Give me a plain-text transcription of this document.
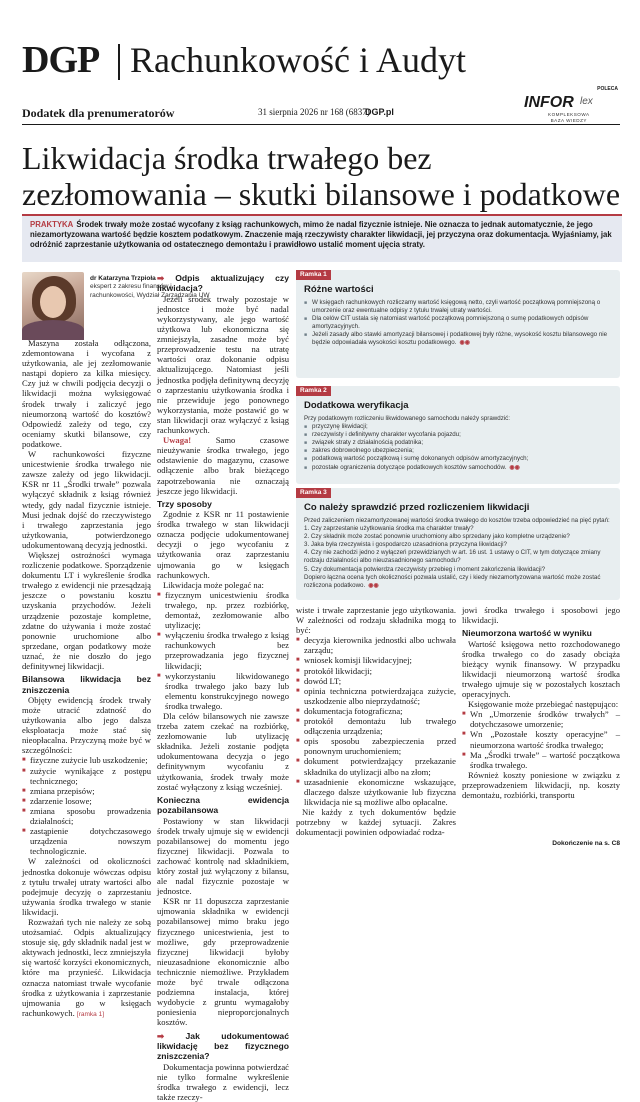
DGP Rachunkowość i Audyt
POLECA
INFOR lex
KOMPLEKSOWA
BAZA WIEDZY
Dodatek dla prenumeratorów	31 sierpnia 2026 nr 168 (6837)
DGP.pl
Likwidacja środka trwałego bez zezłomowania – skutki bilansowe i podatkowe
PRAKTYKA Środek trwały może zostać wycofany z ksiąg rachunkowych, mimo że nadal fizycznie istnieje. Nie oznacza to jednak automatycznie, że jego niezamortyzowana wartość będzie kosztem podatkowym. Znaczenie mają rzeczywisty charakter likwidacji, jej przyczyna oraz dokumentacja. Wyjaśniamy, jak odróżnić zaprzestanie użytkowania od ostatecznego demontażu i prawidłowo ustalić moment ujęcia straty.
dr Katarzyna Trzpioła
ekspert z zakresu finansów i rachunkowości, Wydział Zarządzania UW

Maszyna została odłączona, zdemontowana i wycofana z użytkowania, ale jej zezłomowanie nastąpi dopiero za kilka miesięcy. Czy już w chwili podjęcia decyzji o likwidacji można wyksięgować środek trwały i zaliczyć jego nieumorzoną wartość do kosztów? Odpowiedź zależy od tego, czy oceniamy skutki bilansowe, czy podatkowe.

W rachunkowości fizyczne unicestwienie środka trwałego nie zawsze zależy od jego likwidacji. KSR nr 11 „Środki trwałe” pozwala wyłączyć składnik z ksiąg również wtedy, gdy nadal fizycznie istnieje. Musi jednak dojść do rzeczywistego i trwałego zaprzestania jego użytkowania, potwierdzonego udokumentowaną decyzją jednostki.

Większej ostrożności wymaga rozliczenie podatkowe. Sporządzenie dokumentu LT i wykreślenie środka trwałego z ewidencji nie przesądzają jeszcze o powstaniu kosztu uzyskania przychodów. Jeżeli urządzenie pozostaje kompletne, zdatne do używania i może zostać ponownie uruchomione albo sprzedane, organ podatkowy może uznać, że nie doszło do jego definitywnej likwidacji.

Bilansowa likwidacja bez zniszczenia

Objęty ewidencją środek trwały może utracić zdatność do użytkowania albo jego dalsza eksploatacja może stać się nieopłacalna. Przyczyną może być w szczególności:

■ fizyczne zużycie lub uszkodzenie;
■ zużycie wynikające z postępu technicznego;
■ zmiana przepisów;
■ zdarzenie losowe;
■ zmiana sposobu prowadzenia działalności;
■ zastąpienie dotychczasowego urządzenia nowszym technologicznie.

W zależności od okoliczności jednostka dokonuje wówczas odpisu z tytułu trwałej utraty wartości albo podejmuje decyzję o zaprzestaniu używania środka trwałego w stanie likwidacji.

Rozważań tych nie należy ze sobą utożsamiać. Odpis aktualizujący stosuje się, gdy składnik nadal jest w aktywach jednostki, lecz zmniejszyła się wartość korzyści ekonomicznych, które ma przynieść. Likwidacja oznacza natomiast trwałe wycofanie środka z użytkowania i zaprzestanie ujmowania go w księgach rachunkowych. [ramka 1]

➡ Odpis aktualizujący czy likwidacja?

Jeżeli środek trwały pozostaje w jednostce i może być nadal wykorzystywany, ale jego wartość użytkowa lub ekonomiczna się zmniejszyła, zasadne może być przeprowadzenie testu na utratę wartości oraz dokonanie odpisu aktualizującego. Natomiast jeśli jednostka podjęła definitywną decyzję o zaprzestaniu użytkowania środka i nie przewiduje jego ponownego wykorzystania, może postawić go w stan likwidacji oraz wyłączyć z ksiąg rachunkowych.

Uwaga!	Samo czasowe nieużywanie środka trwałego, jego odstawienie do magazynu, czasowe odłączenie albo brak bieżącego zapotrzebowania nie oznaczają jeszcze jego likwidacji.

Trzy sposoby

Zgodnie z KSR nr 11 postawienie środka trwałego w stan likwidacji oznacza podjęcie udokumentowanej decyzji o jego wycofaniu z użytkowania oraz zaprzestaniu ujmowania go w księgach rachunkowych.

Likwidacja może polegać na:

■ fizycznym unicestwieniu środka trwałego, np. przez rozbiórkę, demontaż, zezłomowanie albo utylizację;
■ wyłączeniu środka trwałego z ksiąg rachunkowych bez przeprowadzania jego fizycznej likwidacji;
■ wykorzystaniu likwidowanego środka trwałego jako bazy lub elementu konstrukcyjnego nowego środka trwałego.

Dla celów bilansowych nie zawsze trzeba zatem czekać na rozbiórkę, zezłomowanie lub utylizację składnika. Jeżeli zostanie podjęta udokumentowana decyzja o jego definitywnym wycofaniu z użytkowania, środek trwały może zostać wyłączony z ksiąg wcześniej.

Konieczna ewidencja pozabilansowa

Postawiony w stan likwidacji środek trwały ujmuje się w ewidencji pozabilansowej do momentu jego fizycznej likwidacji. Pozwala to zachować kontrolę nad składnikiem, który został już wyłączony z bilansu, ale nadal fizycznie pozostaje w jednostce.

KSR nr 11 dopuszcza zaprzestanie ujmowania składnika w ewidencji pozabilansowej mimo braku jego fizycznego unicestwienia, jest to możliwe, gdy przeprowadzenie fizycznej likwidacji byłoby nieuzasadnione ekonomicznie albo technicznie niemożliwe. Przykładem może być trwale odłączona podziemna instalacja, której wydobycie z gruntu wymagałoby poniesienia nieproporcjonalnych kosztów.

➡ Jak udokumentować likwidację bez fizycznego zniszczenia?

Dokumentacja powinna potwierdzać nie tylko formalne wykreślenie środka trwałego z ewidencji, lecz także rzeczy-

Ramka 1
Różne wartości
■ W księgach rachunkowych rozliczamy wartość księgową netto, czyli wartość początkową pomniejszoną o umorzenie oraz ewentualne odpisy z tytułu trwałej utraty wartości.
■ Dla celów CIT ustala się natomiast wartość początkową pomniejszoną o sumę podatkowych odpisów amortyzacyjnych.
■ Jeżeli zasady albo stawki amortyzacji bilansowej i podatkowej były różne, wysokość kosztu bilansowego nie będzie odpowiadała wysokości kosztu podatkowego. ◉◉
Ramka 2
Dodatkowa weryfikacja
Przy podatkowym rozliczeniu likwidowanego samochodu należy sprawdzić:
■ przyczynę likwidacji;
■ rzeczywisty i definitywny charakter wycofania pojazdu;
■ związek straty z działalnością podatnika;
■ zakres dobrowolnego ubezpieczenia;
■ podatkową wartość początkową i sumę dokonanych odpisów amortyzacyjnych;
■ pozostałe ograniczenia dotyczące podatkowych kosztów samochodów. ◉◉
Ramka 3
Co należy sprawdzić przed rozliczeniem likwidacji
Przed zaliczeniem niezamortyzowanej wartości środka trwałego do kosztów trzeba odpowiedzieć na pięć pytań:
1. Czy zaprzestanie użytkowania środka ma charakter trwały?
2. Czy składnik może zostać ponownie uruchomiony albo sprzedany jako kompletne urządzenie?
3. Jaka była rzeczywista i gospodarczo uzasadniona przyczyna likwidacji?
4. Czy nie zachodzi jedno z wyłączeń przewidzianych w art. 16 ust. 1 ustawy o CIT, w tym dotyczące zmiany rodzaju działalności albo nieuzasadnionego samochodu?
5. Czy dokumentacja potwierdza rzeczywisty przebieg i moment zakończenia likwidacji?
Dopiero łączna ocena tych okoliczności pozwala ustalić, czy i kiedy niezamortyzowana wartość może zostać rozliczona podatkowo. ◉◉

wiste i trwałe zaprzestanie jego użytkowania. W zależności od rodzaju składnika mogą to być:

■ decyzja kierownika jednostki albo uchwała zarządu;
■ wniosek komisji likwidacyjnej;
■ protokół likwidacji;
■ dowód LT;
■ opinia techniczna potwierdzająca zużycie, uszkodzenie albo nieprzydatność;
■ dokumentacja fotograficzna;
■ protokół demontażu lub trwałego odłączenia urządzenia;
■ opis sposobu zabezpieczenia przed ponownym uruchomieniem;
■ dokument potwierdzający przekazanie składnika do utylizacji albo na złom;
■ uzasadnienie ekonomiczne wskazujące, dlaczego dalsze użytkowanie lub fizyczna likwidacja nie są możliwe albo opłacalne.

Nie każdy z tych dokumentów będzie potrzebny w każdej sytuacji. Zakres dokumentacji powinien odpowiadać rodza-

jowi środka trwałego i sposobowi jego likwidacji.

Nieumorzona wartość w wyniku

Wartość księgowa netto rozchodowanego środka trwałego co do zasady obciąża bieżący wynik finansowy. W przypadku likwidacji nieumorzoną wartość środka trwałego ujmuje się w pozostałych kosztach operacyjnych.

Księgowanie może przebiegać następująco:

■ Wn „Umorzenie środków trwałych” – dotychczasowe umorzenie;
■ Wn „Pozostałe koszty operacyjne” – nieumorzona wartość środka trwałego;
■ Ma „Środki trwałe” – wartość początkowa środka trwałego.

Również koszty poniesione w związku z przeprowadzeniem likwidacji, np. koszty demontażu, rozbiórki, transportu

Dokończenie na s. C8
